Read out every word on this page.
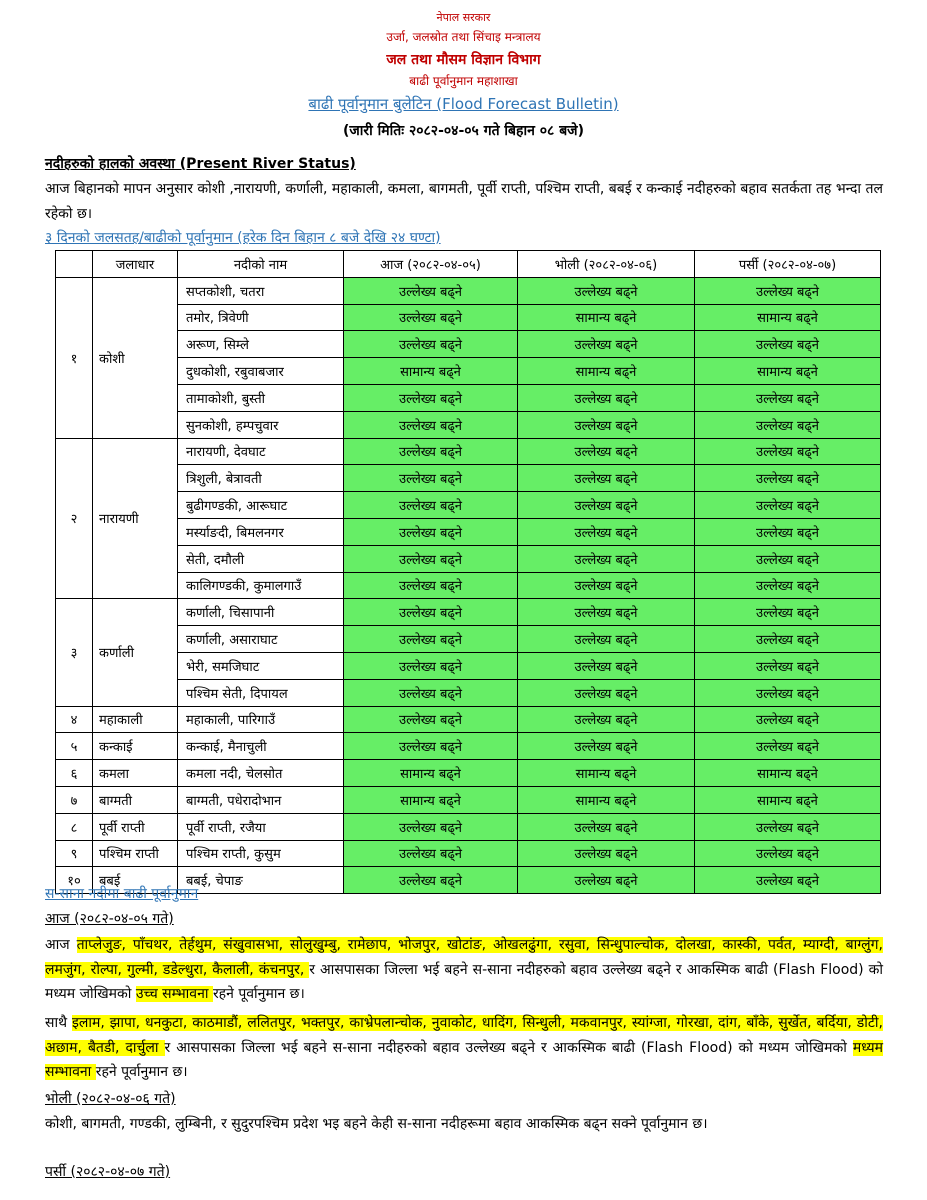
नेपाल सरकार
उर्जा, जलस्रोत तथा सिंचाइ मन्त्रालय
जल तथा मौसम विज्ञान विभाग
बाढी पूर्वानुमान महाशाखा
बाढी पूर्वानुमान बुलेटिन (Flood Forecast Bulletin)
(जारी मितिः २०८२-०४-०५ गते बिहान ०८ बजे)
नदीहरुको हालको अवस्था (Present River Status)
आज बिहानको मापन अनुसार कोशी ,नारायणी, कर्णाली, महाकाली, कमला, बागमती, पूर्वी राप्ती, पश्चिम राप्ती, बबई र कन्काई नदीहरुको बहाव सतर्कता तह भन्दा तल रहेको छ।
३ दिनको जलसतह/बाढीको पूर्वानुमान (हरेक दिन बिहान ८ बजे देखि २४ घण्टा)
	जलाधार	नदीको नाम	आज (२०८२-०४-०५)	भोली (२०८२-०४-०६)	पर्सी (२०८२-०४-०७)
१	कोशी	सप्तकोशी, चतरा	उल्लेख्य बढ्ने	उल्लेख्य बढ्ने	उल्लेख्य बढ्ने
		तमोर, त्रिवेणी	उल्लेख्य बढ्ने	सामान्य बढ्ने	सामान्य बढ्ने
		अरूण, सिम्ले	उल्लेख्य बढ्ने	उल्लेख्य बढ्ने	उल्लेख्य बढ्ने
		दुधकोशी, रबुवाबजार	सामान्य बढ्ने	सामान्य बढ्ने	सामान्य बढ्ने
		तामाकोशी, बुस्ती	उल्लेख्य बढ्ने	उल्लेख्य बढ्ने	उल्लेख्य बढ्ने
		सुनकोशी, हम्पचुवार	उल्लेख्य बढ्ने	उल्लेख्य बढ्ने	उल्लेख्य बढ्ने
२	नारायणी	नारायणी, देवघाट	उल्लेख्य बढ्ने	उल्लेख्य बढ्ने	उल्लेख्य बढ्ने
		त्रिशुली, बेत्रावती	उल्लेख्य बढ्ने	उल्लेख्य बढ्ने	उल्लेख्य बढ्ने
		बुढीगण्डकी, आरूघाट	उल्लेख्य बढ्ने	उल्लेख्य बढ्ने	उल्लेख्य बढ्ने
		मर्स्याङदी, बिमलनगर	उल्लेख्य बढ्ने	उल्लेख्य बढ्ने	उल्लेख्य बढ्ने
		सेती, दमौली	उल्लेख्य बढ्ने	उल्लेख्य बढ्ने	उल्लेख्य बढ्ने
		कालिगण्डकी, कुमालगाउँ	उल्लेख्य बढ्ने	उल्लेख्य बढ्ने	उल्लेख्य बढ्ने
३	कर्णाली	कर्णाली, चिसापानी	उल्लेख्य बढ्ने	उल्लेख्य बढ्ने	उल्लेख्य बढ्ने
		कर्णाली, असाराघाट	उल्लेख्य बढ्ने	उल्लेख्य बढ्ने	उल्लेख्य बढ्ने
		भेरी, समजिघाट	उल्लेख्य बढ्ने	उल्लेख्य बढ्ने	उल्लेख्य बढ्ने
		पश्चिम सेती, दिपायल	उल्लेख्य बढ्ने	उल्लेख्य बढ्ने	उल्लेख्य बढ्ने
४	महाकाली	महाकाली, पारिगाउँ	उल्लेख्य बढ्ने	उल्लेख्य बढ्ने	उल्लेख्य बढ्ने
५	कन्काई	कन्काई, मैनाचुली	उल्लेख्य बढ्ने	उल्लेख्य बढ्ने	उल्लेख्य बढ्ने
६	कमला	कमला नदी, चेलसोत	सामान्य बढ्ने	सामान्य बढ्ने	सामान्य बढ्ने
७	बाग्मती	बाग्मती, पधेरादोभान	सामान्य बढ्ने	सामान्य बढ्ने	सामान्य बढ्ने
८	पूर्वी राप्ती	पूर्वी राप्ती, रजैया	उल्लेख्य बढ्ने	उल्लेख्य बढ्ने	उल्लेख्य बढ्ने
९	पश्चिम राप्ती	पश्चिम राप्ती, कुसुम	उल्लेख्य बढ्ने	उल्लेख्य बढ्ने	उल्लेख्य बढ्ने
१०	बबई	बबई, चेपाङ	उल्लेख्य बढ्ने	उल्लेख्य बढ्ने	उल्लेख्य बढ्ने
स-साना नदीमा बाढी पूर्वानुमान
आज (२०८२-०४-०५ गते)
आज ताप्लेजुङ, पाँचथर, तेर्हथुम, संखुवासभा, सोलुखुम्बु, रामेछाप, भोजपुर, खोटांङ, ओखलढुंगा, रसुवा, सिन्धुपाल्चोक, दोलखा, कास्की, पर्वत, म्याग्दी, बाग्लुंग, लमजुंग, रोल्पा, गुल्मी, डडेल्धुरा, कैलाली, कंचनपुर, र आसपासका जिल्ला भई बहने स-साना नदीहरुको बहाव उल्लेख्य बढ्ने र आकस्मिक बाढी (Flash Flood) को मध्यम जोखिमको उच्च सम्भावना रहने पूर्वानुमान छ।
साथै इलाम, झापा, धनकुटा, काठमाडौं, ललितपुर, भक्तपुर, काभ्रेपलान्चोक, नुवाकोट, धादिंग, सिन्धुली, मकवानपुर, स्यांग्जा, गोरखा, दांग, बाँके, सुर्खेत, बर्दिया, डोटी, अछाम, बैतडी, दार्चुला र आसपासका जिल्ला भई बहने स-साना नदीहरुको बहाव उल्लेख्य बढ्ने र आकस्मिक बाढी (Flash Flood) को मध्यम जोखिमको मध्यम सम्भावना रहने पूर्वानुमान छ।
भोली (२०८२-०४-०६ गते)
कोशी, बागमती, गण्डकी, लुम्बिनी, र सुदुरपश्चिम प्रदेश भइ बहने केही स-साना नदीहरूमा बहाव आकस्मिक बढ्न सक्ने पूर्वानुमान छ।
पर्सी (२०८२-०४-०७ गते)
